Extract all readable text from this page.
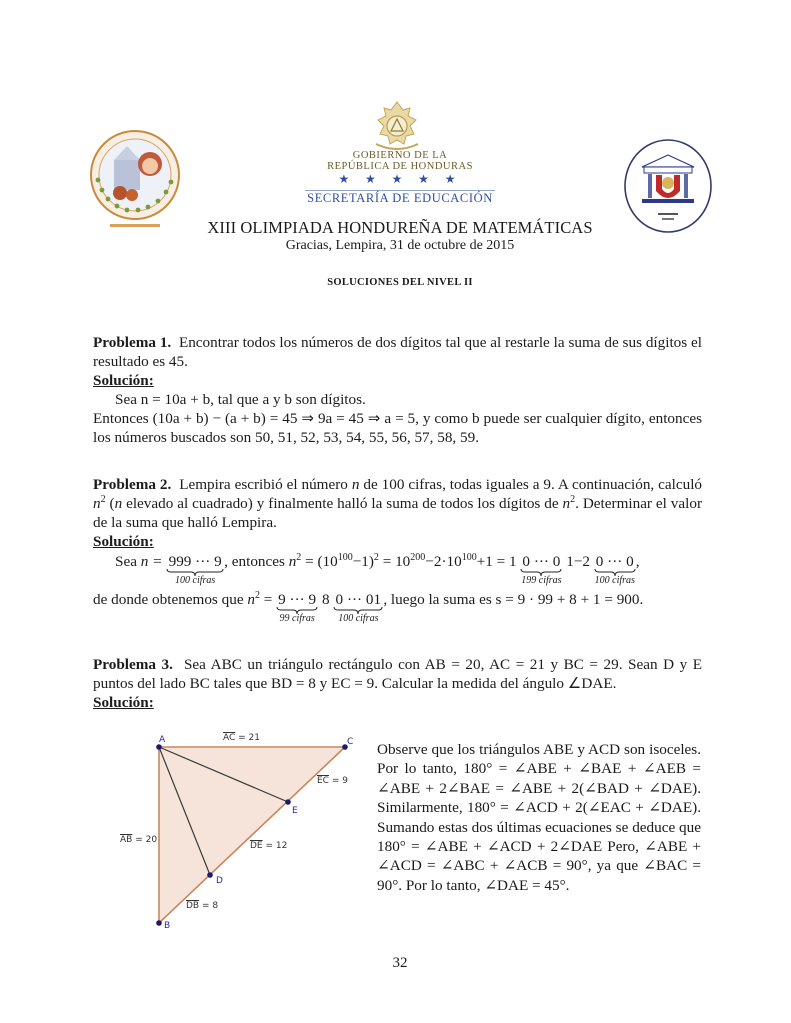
GOBIERNO DE LA
REPÚBLICA DE HONDURAS
★ ★ ★ ★ ★
SECRETARÍA DE EDUCACIÓN
XIII OLIMPIADA HONDUREÑA DE MATEMÁTICAS
Gracias, Lempira, 31 de octubre de 2015
SOLUCIONES DEL NIVEL II
Problema 1. Encontrar todos los números de dos dígitos tal que al restarle la suma de sus dígitos el resultado es 45.
Solución:
Sea n = 10a + b, tal que a y b son dígitos.
Entonces (10a + b) − (a + b) = 45 ⇒ 9a = 45 ⇒ a = 5, y como b puede ser cualquier dígito, entonces los números buscados son 50, 51, 52, 53, 54, 55, 56, 57, 58, 59.
Problema 2. Lempira escribió el número n de 100 cifras, todas iguales a 9. A continuación, calculó $n^2$ (n elevado al cuadrado) y finalmente halló la suma de todos los dígitos de $n^2$. Determinar el valor de la suma que halló Lempira.
Solución:
Sea n = 999 ··· 9
100 cifras
, entonces $n^2 = (10^{100}-1)^2 = 10^{200}-2\cdot 10^{100}+1 = 1$ 0 ··· 0
199 cifras
1−2 0 ··· 0
100 cifras
,
de donde obtenemos que $n^2 = 9$ ··· 9
99 cifras
8 0 ··· 01
100 cifras
, luego la suma es s = 9 · 99 + 8 + 1 = 900.
Problema 3. Sea ABC un triángulo rectángulo con AB = 20, AC = 21 y BC = 29. Sean D y E puntos del lado BC tales que BD = 8 y EC = 9. Calcular la medida del ángulo ∠DAE.
Solución:
A
B
C
E
D
$\overline{AC} = 21$
$\overline{EC} = 9$
$\overline{AB} = 20$
$\overline{DE} = 12$
$\overline{DB} = 8$
Observe que los triángulos ABE y ACD son isoceles. Por lo tanto, 180° = ∠ABE + ∠BAE + ∠AEB = ∠ABE + 2∠BAE = ∠ABE + 2(∠BAD + ∠DAE). Similarmente, 180° = ∠ACD + 2(∠EAC + ∠DAE). Sumando estas dos últimas ecuaciones se deduce que 180° = ∠ABE + ∠ACD + 2∠DAE Pero, ∠ABE + ∠ACD = ∠ABC + ∠ACB = 90°, ya que ∠BAC = 90°. Por lo tanto, ∠DAE = 45°.
32
